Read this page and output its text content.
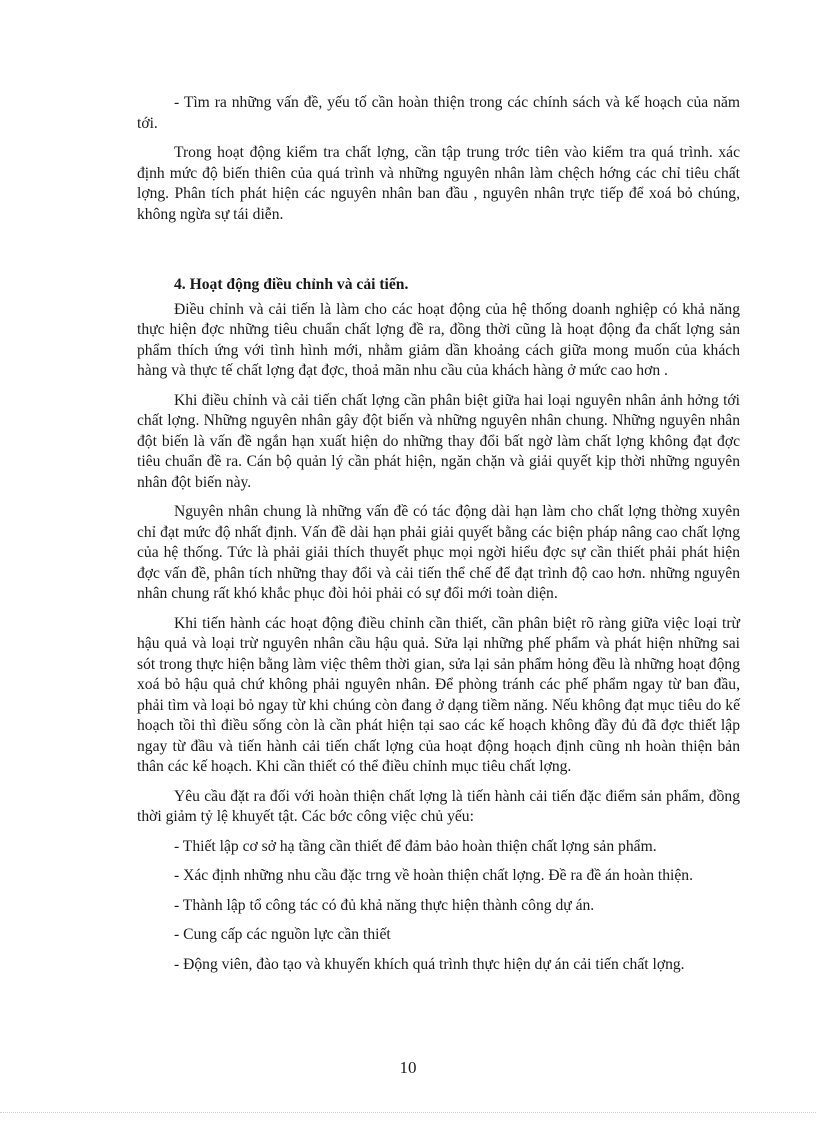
- Tìm ra những vấn đề, yếu tố cần hoàn thiện trong các chính sách và kế hoạch của năm tới.

Trong hoạt động kiểm tra chất lợng, cần tập trung trớc tiên vào kiểm tra quá trình. xác định mức độ biến thiên của quá trình và những nguyên nhân làm chệch hớng các chỉ tiêu chất lợng. Phân tích phát hiện các nguyên nhân ban đầu , nguyên nhân trực tiếp để xoá bỏ chúng, không ngừa sự tái diễn.

4. Hoạt động điều chỉnh và cải tiến.

Điều chỉnh và cải tiến là làm cho các hoạt động của hệ thống doanh nghiệp có khả năng thực hiện đợc những tiêu chuẩn chất lợng đề ra, đồng thời cũng là hoạt động đa chất lợng sản phẩm thích ứng với tình hình mới, nhằm giảm dần khoảng cách giữa mong muốn của khách hàng và thực tế chất lợng đạt đợc, thoả mãn nhu cầu của khách hàng ở mức cao hơn .

Khi điều chỉnh và cải tiến chất lợng cần phân biệt giữa hai loại nguyên nhân ảnh hởng tới chất lợng. Những nguyên nhân gây đột biến và những nguyên nhân chung. Những nguyên nhân đột biến là vấn đề ngắn hạn xuất hiện do những thay đổi bất ngờ làm chất lợng không đạt đợc tiêu chuẩn đề ra. Cán bộ quản lý cần phát hiện, ngăn chặn và giải quyết kịp thời những nguyên nhân đột biến này.

Nguyên nhân chung là những vấn đề có tác động dài hạn làm cho chất lợng thờng xuyên chỉ đạt mức độ nhất định. Vấn đề dài hạn phải giải quyết bằng các biện pháp nâng cao chất lợng của hệ thống. Tức là phải giải thích thuyết phục mọi ngời hiểu đợc sự cần thiết phải phát hiện đợc vấn đề, phân tích những thay đổi và cải tiến thể chế để đạt trình độ cao hơn. những nguyên nhân chung rất khó khắc phục đòi hỏi phải có sự đổi mới toàn diện.

Khi tiến hành các hoạt động điều chỉnh cần thiết, cần phân biệt rõ ràng giữa việc loại trừ hậu quả và loại trừ nguyên nhân cầu hậu quả. Sửa lại những phế phẩm và phát hiện những sai sót trong thực hiện bằng làm việc thêm thời gian, sửa lại sản phẩm hỏng đều là những hoạt động xoá bỏ hậu quả chứ không phải nguyên nhân. Để phòng tránh các phế phẩm ngay từ ban đầu, phải tìm và loại bỏ ngay từ khi chúng còn đang ở dạng tiềm năng. Nếu không đạt mục tiêu do kế hoạch tồi thì điều sống còn là cần phát hiện tại sao các kế hoạch không đầy đủ đã đợc thiết lập ngay từ đầu và tiến hành cải tiến chất lợng của hoạt động hoạch định cũng nh hoàn thiện bản thân các kế hoạch. Khi cần thiết có thể điều chỉnh mục tiêu chất lợng.

Yêu cầu đặt ra đối với hoàn thiện chất lợng là tiến hành cải tiến đặc điểm sản phẩm, đồng thời giảm tỷ lệ khuyết tật. Các bớc công việc chủ yếu:

- Thiết lập cơ sở hạ tầng cần thiết để đảm bảo hoàn thiện chất lợng sản phẩm.

- Xác định những nhu cầu đặc trng về hoàn thiện chất lợng. Đề ra đề án hoàn thiện.

- Thành lập tổ công tác có đủ khả năng thực hiện thành công dự án.

- Cung cấp các nguồn lực cần thiết

- Động viên, đào tạo và khuyến khích quá trình thực hiện dự án cải tiến chất lợng.

10
